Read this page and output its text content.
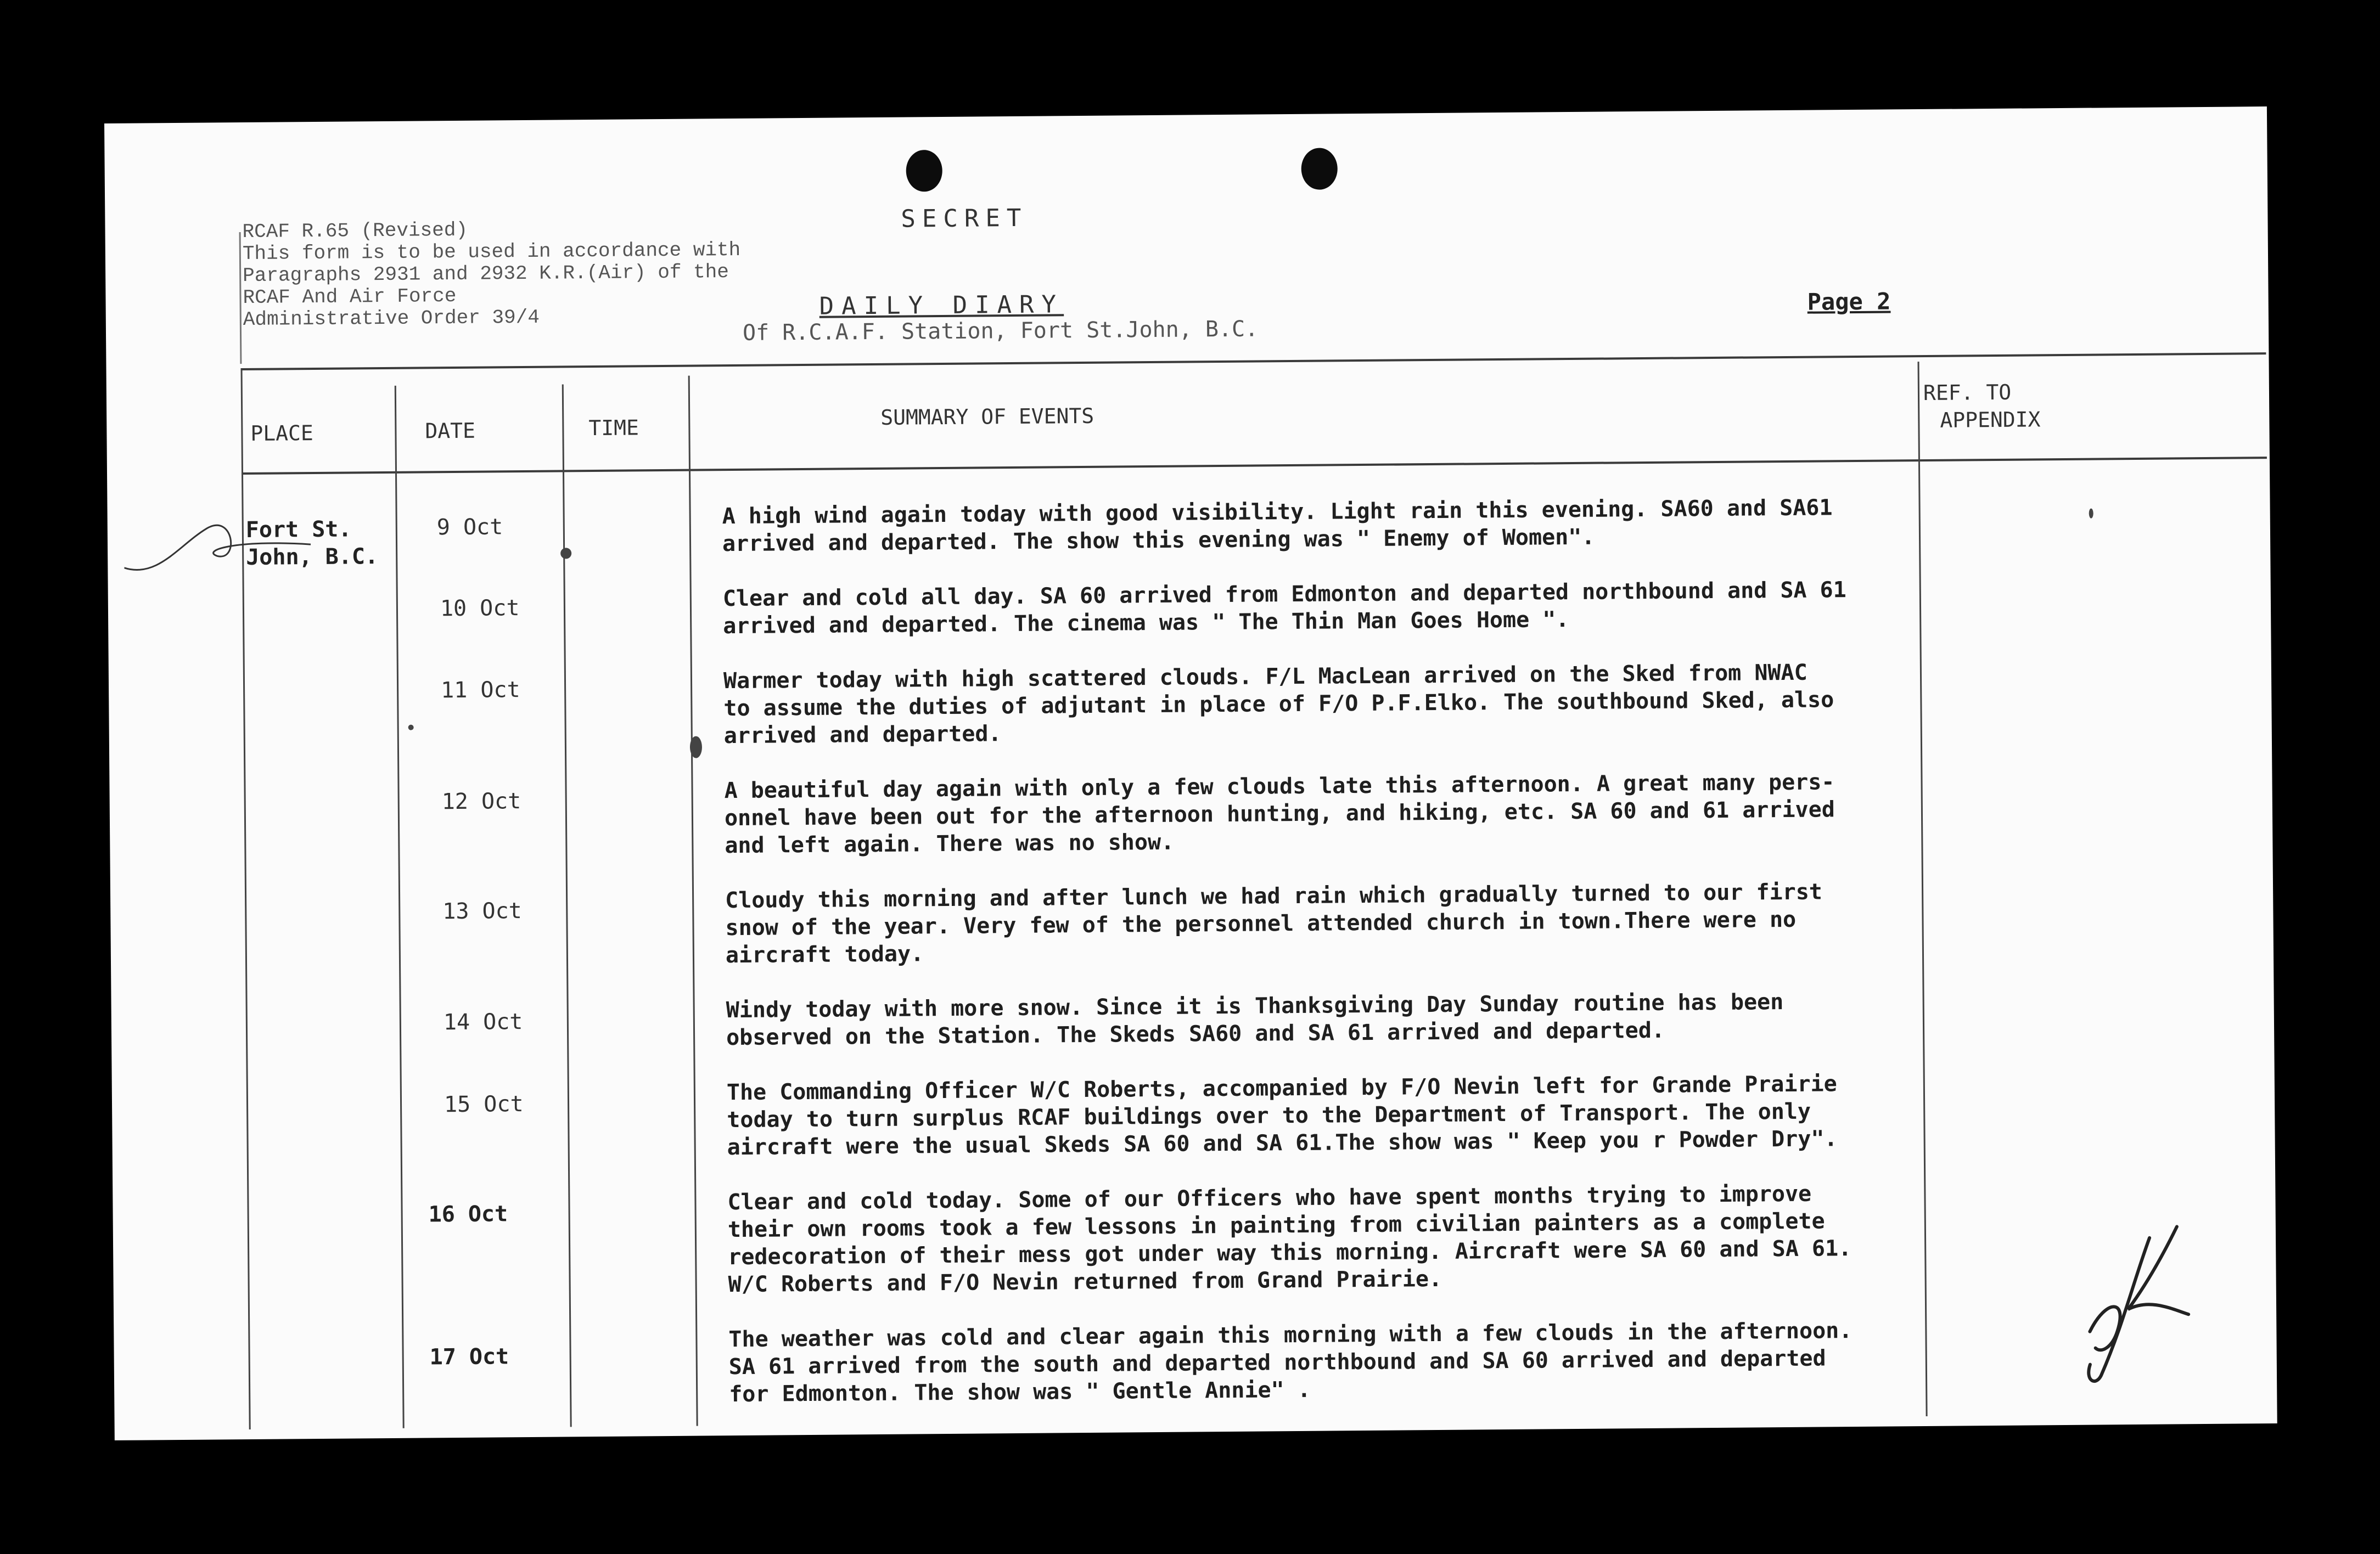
RCAF R.65 (Revised)
This form is to be used in accordance with
Paragraphs 2931 and 2932 K.R.(Air) of the
RCAF And Air Force
Administrative Order 39/4
SECRET
DAILY DIARY
Of R.C.A.F. Station, Fort St.John, B.C.
Page 2
PLACE	DATE	TIME	SUMMARY OF EVENTS
REF. TO
APPENDIX
Fort St.
John, B.C.
9 Oct	A high wind again today with good visibility. Light rain this evening. SA60 and SA61
arrived and departed. The show this evening was " Enemy of Women".
10 Oct	Clear and cold all day. SA 60 arrived from Edmonton and departed northbound and SA 61
arrived and departed. The cinema was " The Thin Man Goes Home ".
11 Oct	Warmer today with high scattered clouds. F/L MacLean arrived on the Sked from NWAC
to assume the duties of adjutant in place of F/O P.F.Elko. The southbound Sked, also
arrived and departed.
12 Oct	A beautiful day again with only a few clouds late this afternoon. A great many pers-
onnel have been out for the afternoon hunting, and hiking, etc. SA 60 and 61 arrived
and left again. There was no show.
13 Oct	Cloudy this morning and after lunch we had rain which gradually turned to our first
snow of the year. Very few of the personnel attended church in town.There were no
aircraft today.
14 Oct	Windy today with more snow. Since it is Thanksgiving Day Sunday routine has been
observed on the Station. The Skeds SA60 and SA 61 arrived and departed.
15 Oct	The Commanding Officer W/C Roberts, accompanied by F/O Nevin left for Grande Prairie
today to turn surplus RCAF buildings over to the Department of Transport. The only
aircraft were the usual Skeds SA 60 and SA 61.The show was " Keep you r Powder Dry".
16 Oct	Clear and cold today. Some of our Officers who have spent months trying to improve
their own rooms took a few lessons in painting from civilian painters as a complete
redecoration of their mess got under way this morning. Aircraft were SA 60 and SA 61.
W/C Roberts and F/O Nevin returned from Grand Prairie.
17 Oct
The weather was cold and clear again this morning with a few clouds in the afternoon.
SA 61 arrived from the south and departed northbound and SA 60 arrived and departed
for Edmonton. The show was " Gentle Annie" .
